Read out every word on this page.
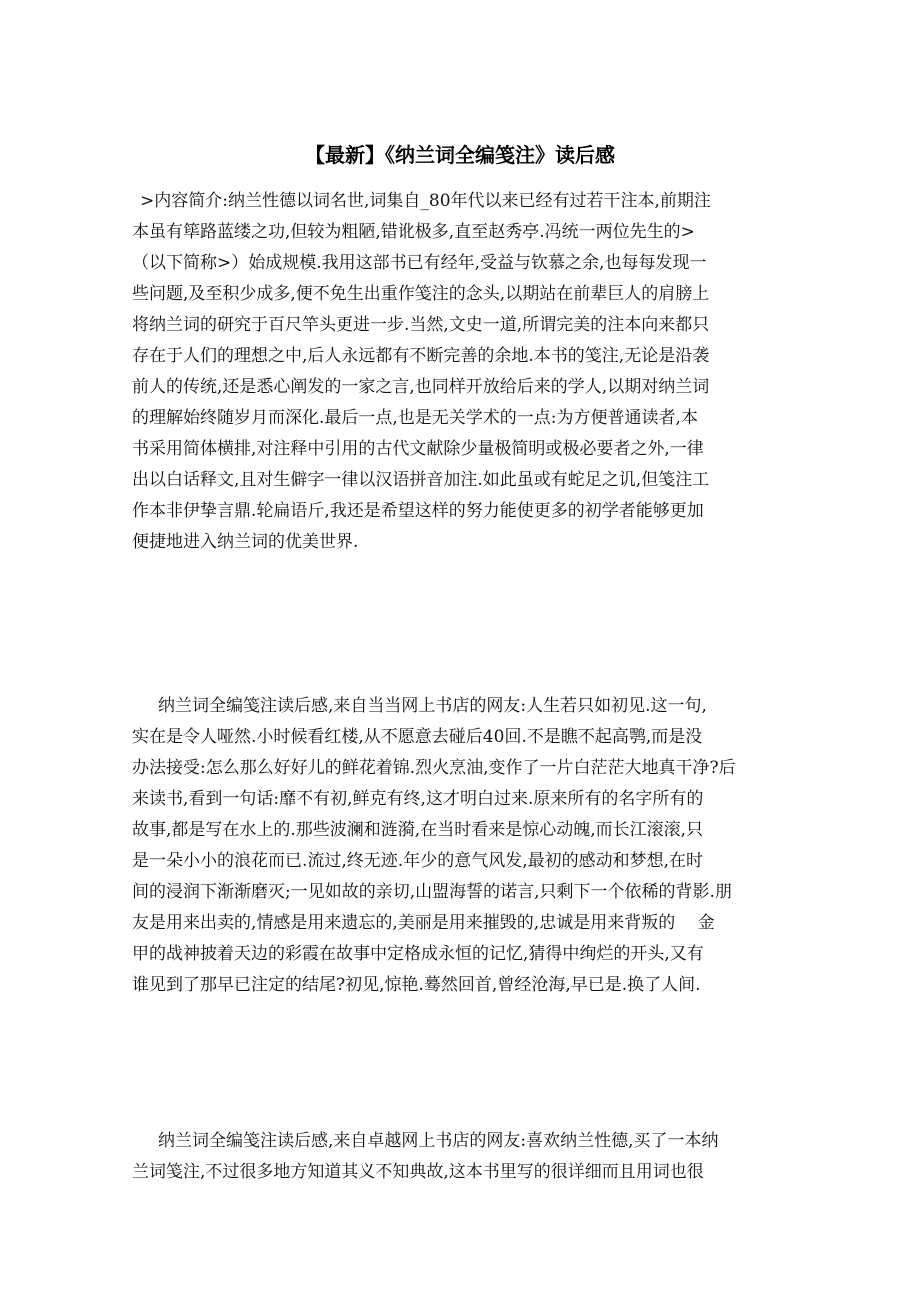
【最新】《纳兰词全编笺注》读后感
>内容简介:纳兰性德以词名世,词集自_80年代以来已经有过若干注本,前期注
本虽有筚路蓝缕之功,但较为粗陋,错讹极多,直至赵秀亭.冯统一两位先生的>
（以下简称>）始成规模.我用这部书已有经年,受益与钦慕之余,也每每发现一
些问题,及至积少成多,便不免生出重作笺注的念头,以期站在前辈巨人的肩膀上
将纳兰词的研究于百尺竿头更进一步.当然,文史一道,所谓完美的注本向来都只
存在于人们的理想之中,后人永远都有不断完善的余地.本书的笺注,无论是沿袭
前人的传统,还是悉心阐发的一家之言,也同样开放给后来的学人,以期对纳兰词
的理解始终随岁月而深化.最后一点,也是无关学术的一点:为方便普通读者,本
书采用简体横排,对注释中引用的古代文献除少量极简明或极必要者之外,一律
出以白话释文,且对生僻字一律以汉语拼音加注.如此虽或有蛇足之讥,但笺注工
作本非伊挚言鼎.轮扁语斤,我还是希望这样的努力能使更多的初学者能够更加
便捷地进入纳兰词的优美世界.
纳兰词全编笺注读后感,来自当当网上书店的网友:人生若只如初见.这一句,
实在是令人哑然.小时候看红楼,从不愿意去碰后40回.不是瞧不起高鹗,而是没
办法接受:怎么那么好好儿的鲜花着锦.烈火烹油,变作了一片白茫茫大地真干净?后
来读书,看到一句话:靡不有初,鲜克有终,这才明白过来.原来所有的名字所有的
故事,都是写在水上的.那些波澜和涟漪,在当时看来是惊心动魄,而长江滚滚,只
是一朵小小的浪花而已.流过,终无迹.年少的意气风发,最初的感动和梦想,在时
间的浸润下渐渐磨灭;一见如故的亲切,山盟海誓的诺言,只剩下一个依稀的背影.朋
友是用来出卖的,情感是用来遗忘的,美丽是用来摧毁的,忠诚是用来背叛的　 金
甲的战神披着天边的彩霞在故事中定格成永恒的记忆,猜得中绚烂的开头,又有
谁见到了那早已注定的结尾?初见,惊艳.蓦然回首,曾经沧海,早已是.换了人间.
纳兰词全编笺注读后感,来自卓越网上书店的网友:喜欢纳兰性德,买了一本纳
兰词笺注,不过很多地方知道其义不知典故,这本书里写的很详细而且用词也很
